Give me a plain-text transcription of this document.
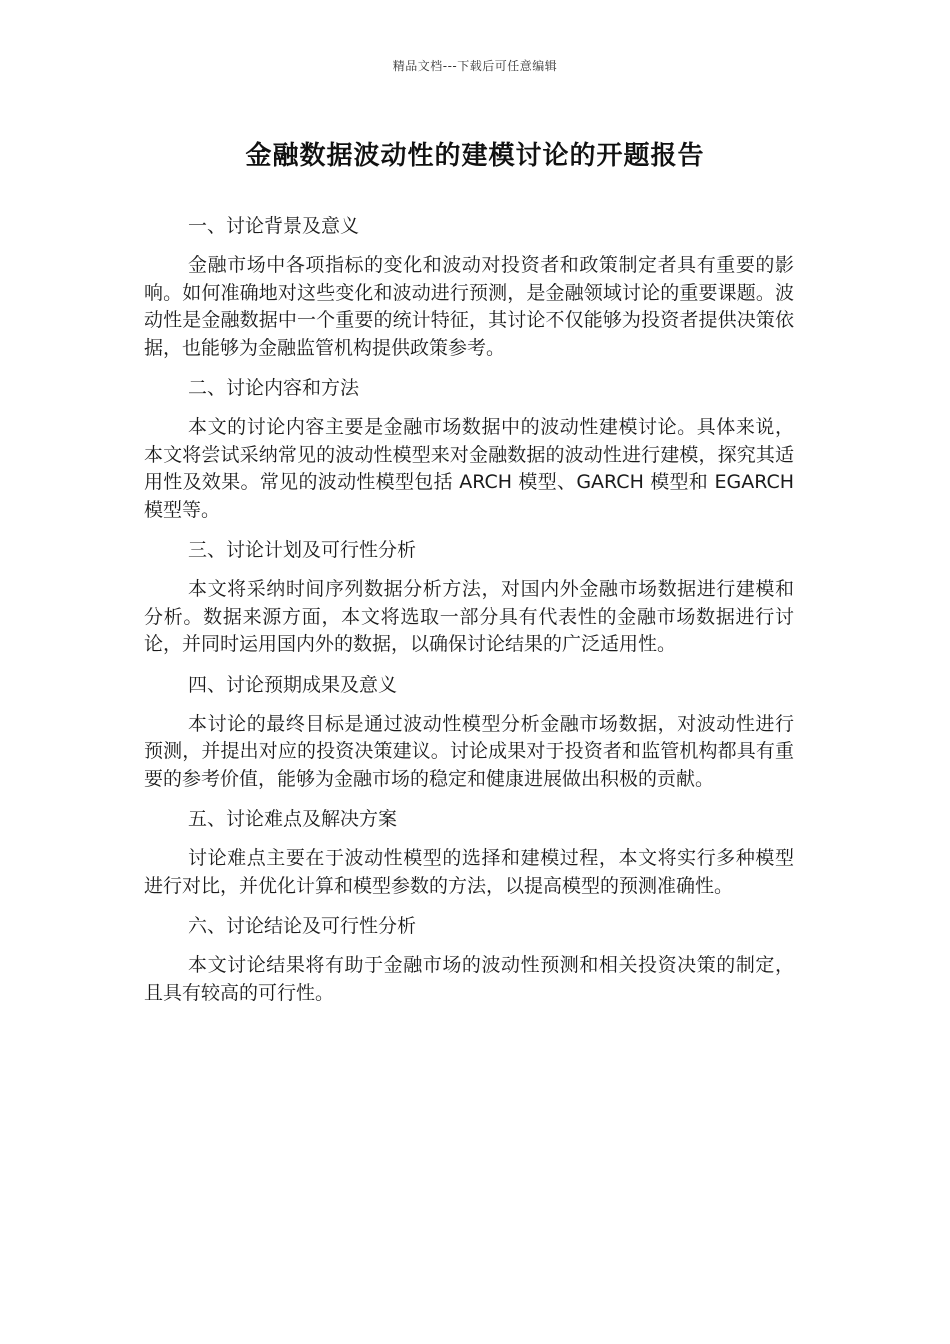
精品文档---下载后可任意编辑
金融数据波动性的建模讨论的开题报告

一、讨论背景及意义

金融市场中各项指标的变化和波动对投资者和政策制定者具有重要的影响。如何准确地对这些变化和波动进行预测，是金融领域讨论的重要课题。波动性是金融数据中一个重要的统计特征，其讨论不仅能够为投资者提供决策依据，也能够为金融监管机构提供政策参考。

二、讨论内容和方法

本文的讨论内容主要是金融市场数据中的波动性建模讨论。具体来说，本文将尝试采纳常见的波动性模型来对金融数据的波动性进行建模，探究其适用性及效果。常见的波动性模型包括 ARCH 模型、GARCH 模型和 EGARCH 模型等。

三、讨论计划及可行性分析

本文将采纳时间序列数据分析方法，对国内外金融市场数据进行建模和分析。数据来源方面，本文将选取一部分具有代表性的金融市场数据进行讨论，并同时运用国内外的数据，以确保讨论结果的广泛适用性。

四、讨论预期成果及意义

本讨论的最终目标是通过波动性模型分析金融市场数据，对波动性进行预测，并提出对应的投资决策建议。讨论成果对于投资者和监管机构都具有重要的参考价值，能够为金融市场的稳定和健康进展做出积极的贡献。

五、讨论难点及解决方案

讨论难点主要在于波动性模型的选择和建模过程，本文将实行多种模型进行对比，并优化计算和模型参数的方法，以提高模型的预测准确性。

六、讨论结论及可行性分析

本文讨论结果将有助于金融市场的波动性预测和相关投资决策的制定，且具有较高的可行性。
